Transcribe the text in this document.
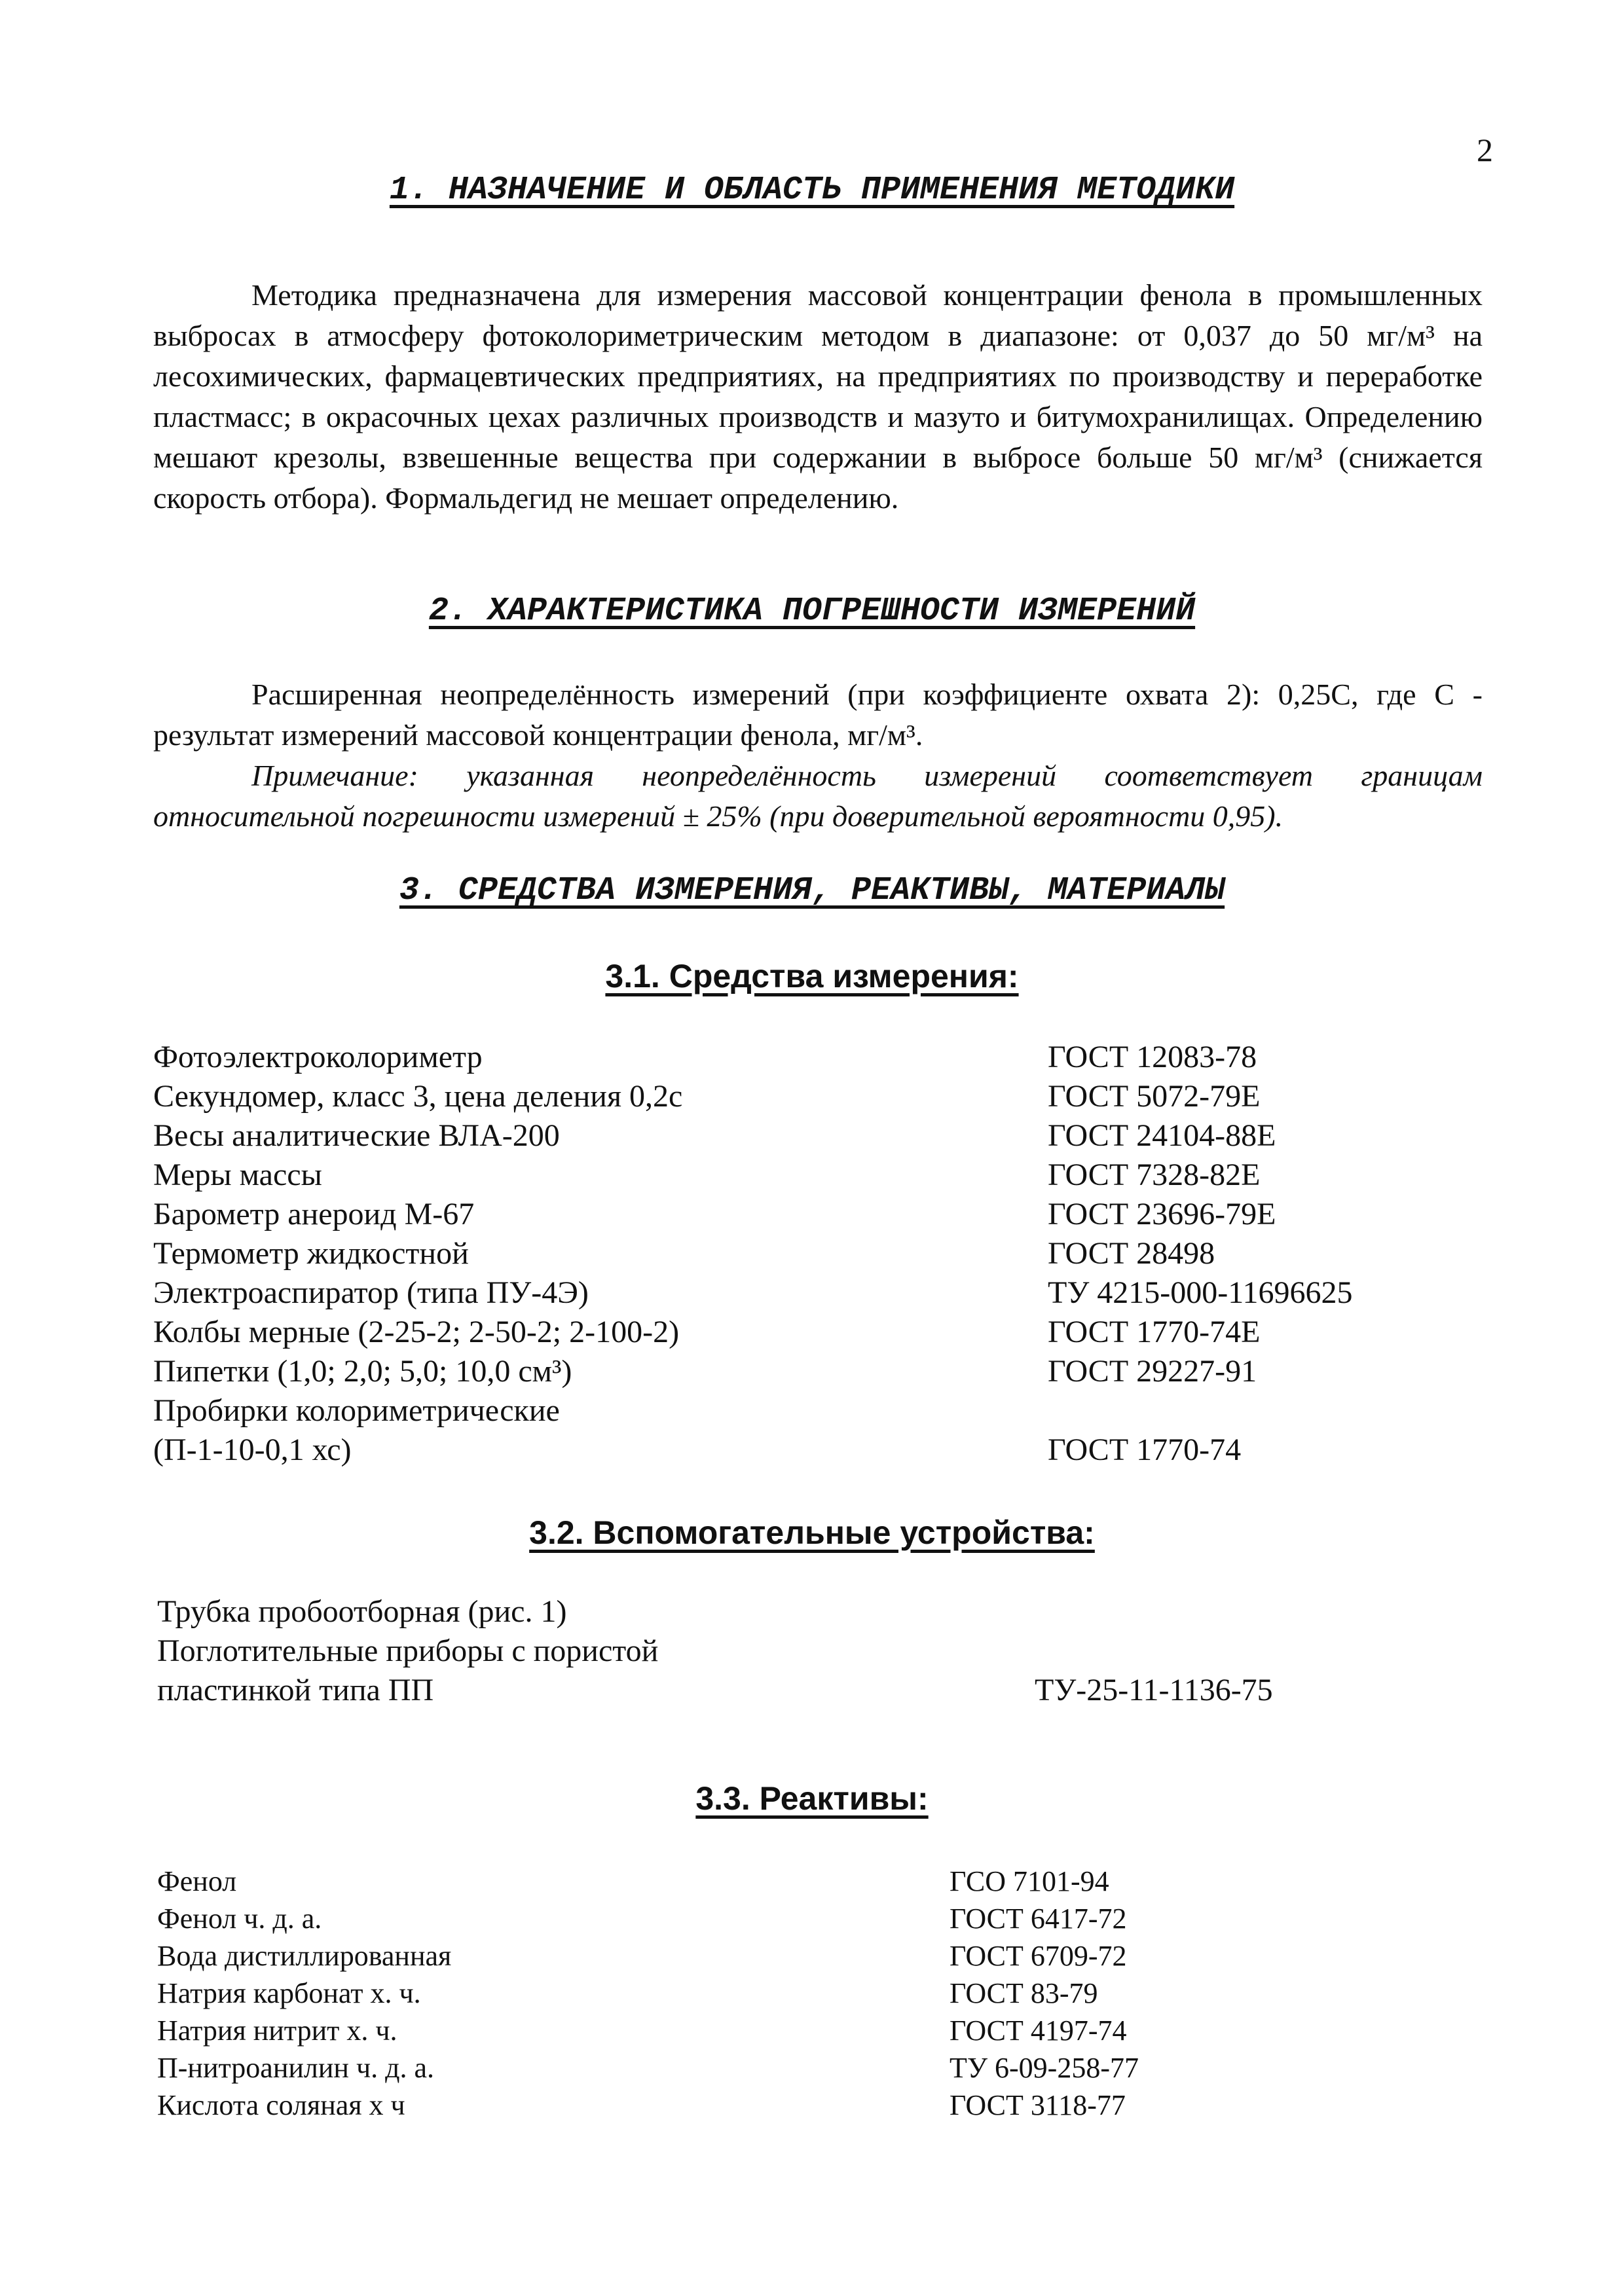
2
1. НАЗНАЧЕНИЕ И ОБЛАСТЬ ПРИМЕНЕНИЯ МЕТОДИКИ
Методика предназначена для измерения массовой концентрации фенола в промышленных выбросах в атмосферу фотоколориметрическим методом в диапазоне: от 0,037 до 50 мг/м³ на лесохимических, фармацевтических предприятиях, на предприятиях по производству и переработке пластмасс; в окрасочных цехах различных производств и мазуто и битумохранилищах. Определению мешают крезолы, взвешенные вещества при содержании в выбросе больше 50 мг/м³ (снижается скорость отбора). Формальдегид не мешает определению.
2. ХАРАКТЕРИСТИКА ПОГРЕШНОСТИ ИЗМЕРЕНИЙ
Расширенная неопределённость измерений (при коэффициенте охвата 2): 0,25С, где С - результат измерений массовой концентрации фенола, мг/м³.
Примечание: указанная неопределённость измерений соответствует границам относительной погрешности измерений ± 25% (при доверительной вероятности 0,95).
3. СРЕДСТВА ИЗМЕРЕНИЯ, РЕАКТИВЫ, МАТЕРИАЛЫ
3.1. Средства измерения:
Фотоэлектроколориметр	ГОСТ 12083-78
Секундомер, класс 3, цена деления 0,2с	ГОСТ 5072-79Е
Весы аналитические ВЛА-200	ГОСТ 24104-88Е
Меры массы	ГОСТ 7328-82Е
Барометр анероид М-67	ГОСТ 23696-79Е
Термометр жидкостной	ГОСТ 28498
Электроаспиратор (типа ПУ-4Э)	ТУ 4215-000-11696625
Колбы мерные (2-25-2; 2-50-2; 2-100-2)	ГОСТ 1770-74Е
Пипетки (1,0; 2,0; 5,0; 10,0 см³)	ГОСТ 29227-91
Пробирки колориметрические
(П-1-10-0,1 хс)	ГОСТ 1770-74
3.2. Вспомогательные устройства:
Трубка пробоотборная (рис. 1)
Поглотительные приборы с пористой
пластинкой типа ПП	ТУ-25-11-1136-75
3.3. Реактивы:
Фенол	ГСО 7101-94
Фенол ч. д. а.	ГОСТ 6417-72
Вода дистиллированная	ГОСТ 6709-72
Натрия карбонат х. ч.	ГОСТ 83-79
Натрия нитрит х. ч.	ГОСТ 4197-74
П-нитроанилин ч. д. а.	ТУ 6-09-258-77
Кислота соляная х ч	ГОСТ 3118-77
